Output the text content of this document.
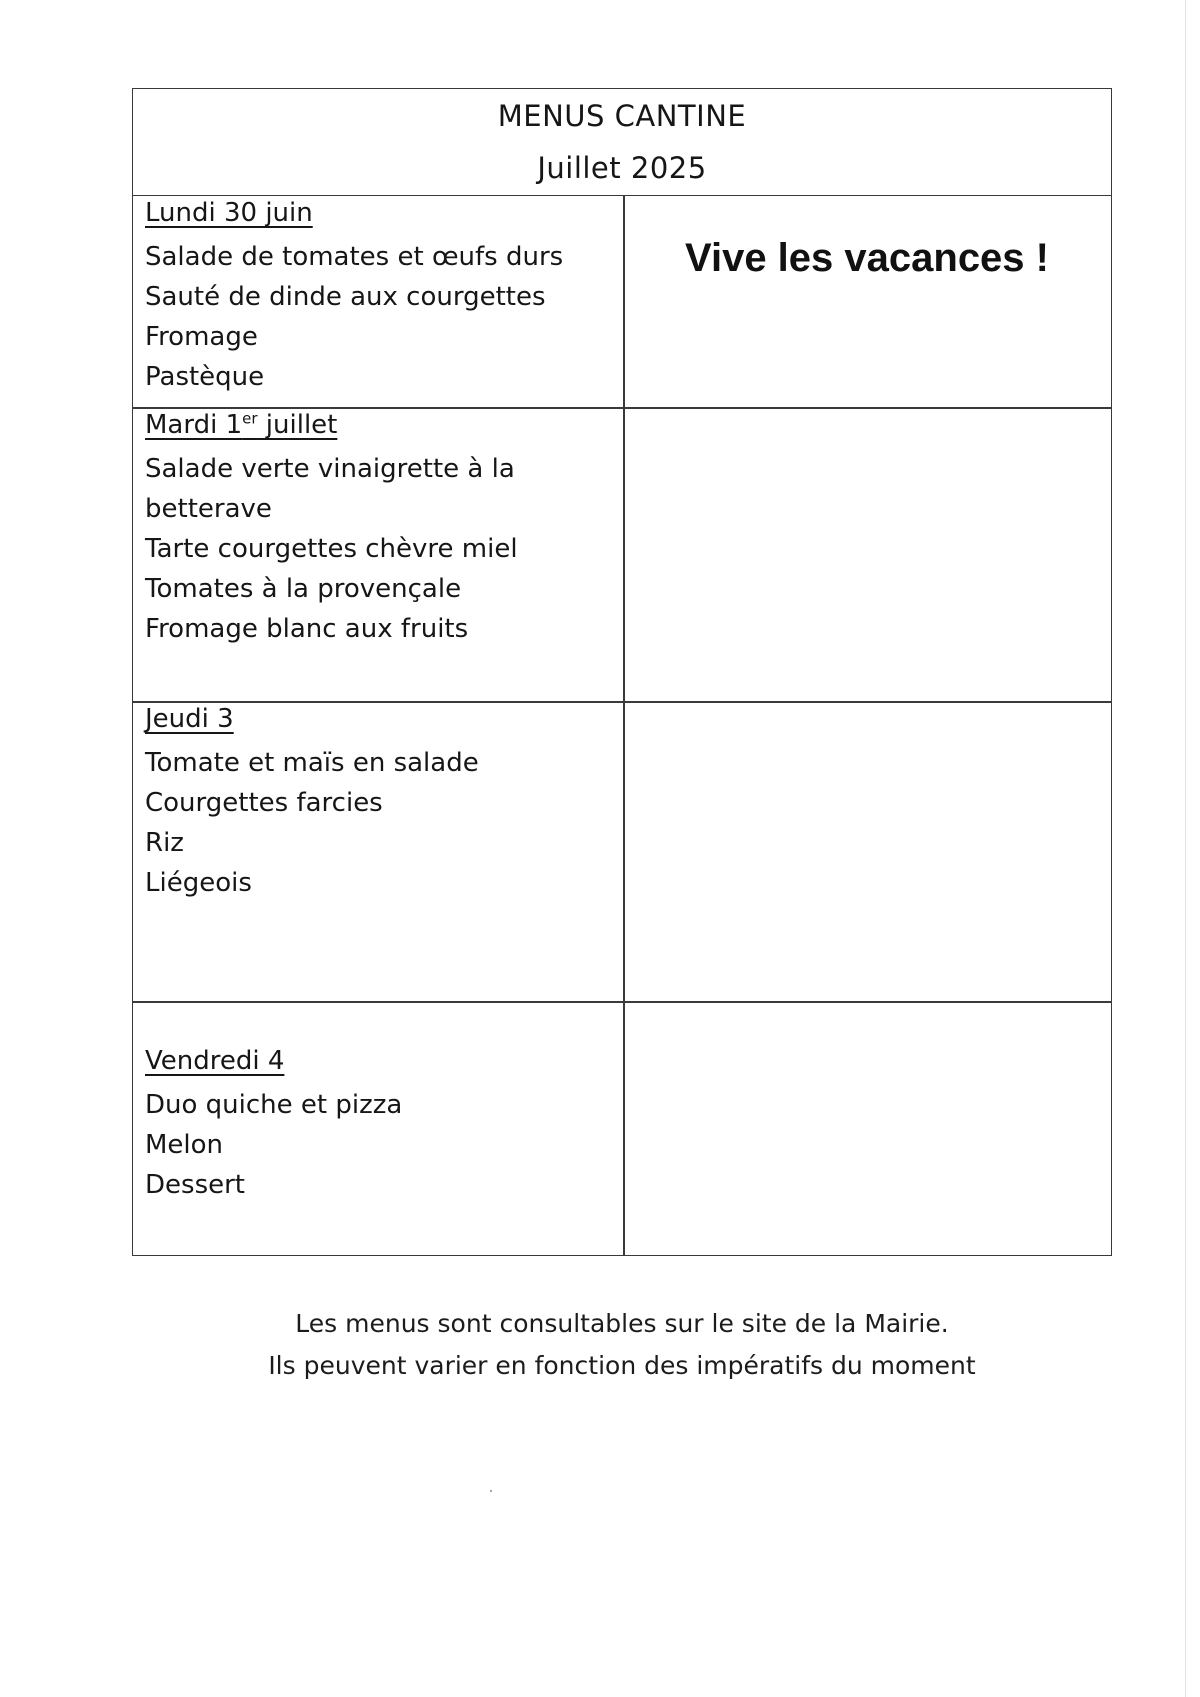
MENUS CANTINE
Juillet 2025
Vive les vacances !
Lundi 30 juin
Salade de tomates et œufs durs
Sauté de dinde aux courgettes
Fromage
Pastèque
Mardi 1er juillet
Salade verte vinaigrette à la betterave
Tarte courgettes chèvre miel
Tomates à la provençale
Fromage blanc aux fruits
Jeudi 3
Tomate et maïs en salade
Courgettes farcies
Riz
Liégeois
Vendredi 4
Duo quiche et pizza
Melon
Dessert
Les menus sont consultables sur le site de la Mairie.
Ils peuvent varier en fonction des impératifs du moment
